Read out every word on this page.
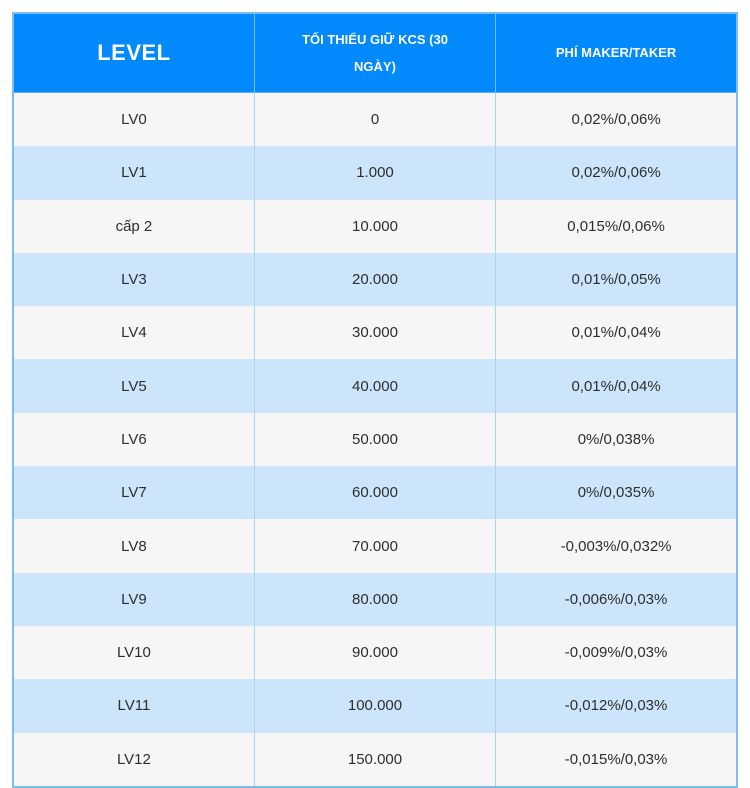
LEVEL	TỐI THIỂU GIỮ KCS (30 NGÀY)	PHÍ MAKER/TAKER
LV0	0	0,02%/0,06%
LV1	1.000	0,02%/0,06%
cấp 2	10.000	0,015%/0,06%
LV3	20.000	0,01%/0,05%
LV4	30.000	0,01%/0,04%
LV5	40.000	0,01%/0,04%
LV6	50.000	0%/0,038%
LV7	60.000	0%/0,035%
LV8	70.000	-0,003%/0,032%
LV9	80.000	-0,006%/0,03%
LV10	90.000	-0,009%/0,03%
LV11	100.000	-0,012%/0,03%
LV12	150.000	-0,015%/0,03%
